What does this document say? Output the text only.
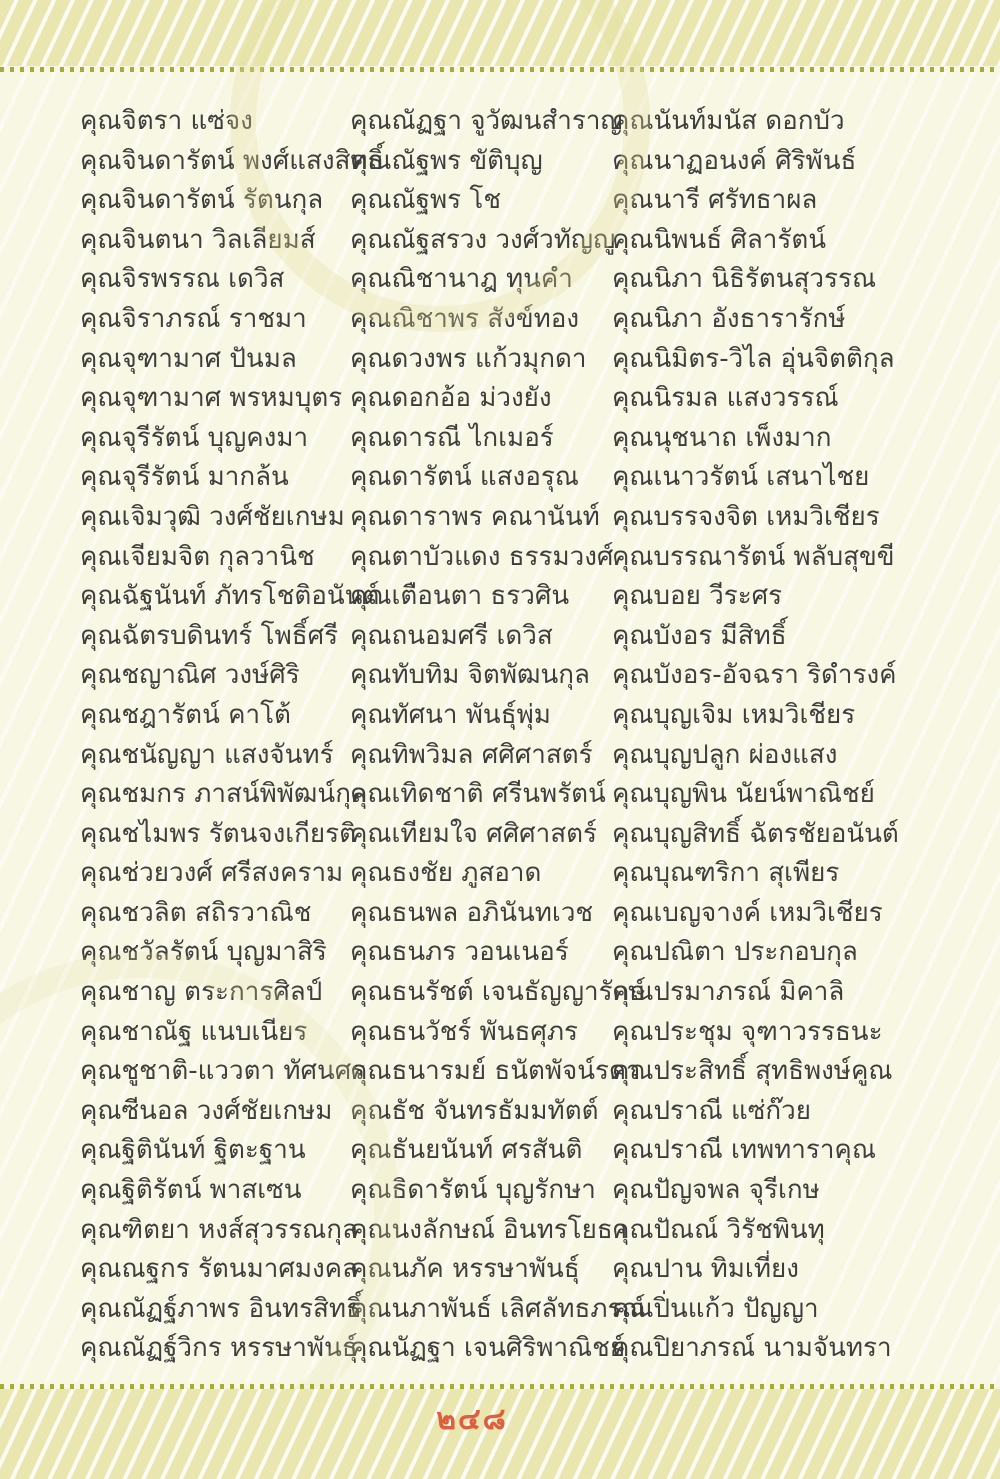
คุณจิตรา แซ่จง
คุณจินดารัตน์ พงศ์แสงสิทธิ์
คุณจินดารัตน์ รัตนกุล
คุณจินตนา วิลเลียมส์
คุณจิรพรรณ เดวิส
คุณจิราภรณ์ ราชมา
คุณจุฑามาศ ปันมล
คุณจุฑามาศ พรหมบุตร
คุณจุรีรัตน์ บุญคงมา
คุณจุรีรัตน์ มากล้น
คุณเจิมวุฒิ วงศ์ชัยเกษม
คุณเจียมจิต กุลวานิช
คุณฉัฐนันท์ ภัทรโชติอนันต์
คุณฉัตรบดินทร์ โพธิ์ศรี
คุณชญาณิศ วงษ์ศิริ
คุณชฎารัตน์ คาโต้
คุณชนัญญา แสงจันทร์
คุณชมกร ภาสน์พิพัฒน์กุล
คุณชไมพร รัตนจงเกียรติ
คุณช่วยวงศ์ ศรีสงคราม
คุณชวลิต สถิรวาณิช
คุณชวัลรัตน์ บุญมาสิริ
คุณชาญ ตระการศิลป์
คุณชาณัฐ แนบเนียร
คุณชูชาติ-แววตา ทัศนศร
คุณซีนอล วงศ์ชัยเกษม
คุณฐิตินันท์ ฐิตะฐาน
คุณฐิติรัตน์ พาสเซน
คุณฑิตยา หงส์สุวรรณกุล
คุณณฐกร รัตนมาศมงคล
คุณณัฏฐ์ภาพร อินทรสิทธิ์
คุณณัฏฐ์วิกร หรรษาพันธุ์
คุณณัฏฐา จูวัฒนสำราญ
คุณณัฐพร ขัติบุญ
คุณณัฐพร โช
คุณณัฐสรวง วงศ์วทัญญู
คุณณิชานาฎ ทุนคำ
คุณณิชาพร สังข์ทอง
คุณดวงพร แก้วมุกดา
คุณดอกอ้อ ม่วงยัง
คุณดารณี ไกเมอร์
คุณดารัตน์ แสงอรุณ
คุณดาราพร คณานันท์
คุณตาบัวแดง ธรรมวงศ์
คุณเตือนตา ธรวศิน
คุณถนอมศรี เดวิส
คุณทับทิม จิตพัฒนกุล
คุณทัศนา พันธุ์พุ่ม
คุณทิพวิมล ศศิศาสตร์
คุณเทิดชาติ ศรีนพรัตน์
คุณเทียมใจ ศศิศาสตร์
คุณธงชัย ภูสอาด
คุณธนพล อภินันทเวช
คุณธนภร วอนเนอร์
คุณธนรัชต์ เจนธัญญารักษ์
คุณธนวัชร์ พันธศุภร
คุณธนารมย์ ธนัตพัจน์รดา
คุณธัช จันทรธัมมทัตต์
คุณธันยนันท์ ศรสันติ
คุณธิดารัตน์ บุญรักษา
คุณนงลักษณ์ อินทรโยธา
คุณนภัค หรรษาพันธุ์
คุณนภาพันธ์ เลิศลัทธภรณ์
คุณนัฏฐา เจนศิริพาณิชย์
คุณนันท์มนัส ดอกบัว
คุณนาฏอนงค์ ศิริพันธ์
คุณนารี ศรัทธาผล
คุณนิพนธ์ ศิลารัตน์
คุณนิภา นิธิรัตนสุวรรณ
คุณนิภา อังธารารักษ์
คุณนิมิตร-วิไล อุ่นจิตติกุล
คุณนิรมล แสงวรรณ์
คุณนุชนาถ เพ็งมาก
คุณเนาวรัตน์ เสนาไชย
คุณบรรจงจิต เหมวิเชียร
คุณบรรณารัตน์ พลับสุขขี
คุณบอย วีระศร
คุณบังอร มีสิทธิ์
คุณบังอร-อัจฉรา ริดำรงค์
คุณบุญเจิม เหมวิเชียร
คุณบุญปลูก ผ่องแสง
คุณบุญพิน นัยน์พาณิชย์
คุณบุญสิทธิ์ ฉัตรชัยอนันต์
คุณบุณฑริกา สุเพียร
คุณเบญจางค์ เหมวิเชียร
คุณปณิตา ประกอบกุล
คุณปรมาภรณ์ มิคาลิ
คุณประชุม จุฑาวรรธนะ
คุณประสิทธิ์ สุทธิพงษ์คูณ
คุณปราณี แซ่ก๊วย
คุณปราณี เทพทาราคุณ
คุณปัญจพล จุรีเกษ
คุณปัณณ์ วิรัชพินทุ
คุณปาน ทิมเที่ยง
คุณปิ่นแก้ว ปัญญา
คุณปิยาภรณ์ นามจันทรา
๒๔๘
